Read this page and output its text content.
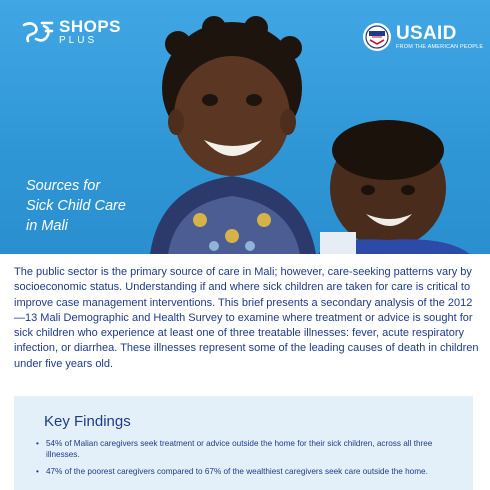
SHOPS
PLUS	USAID
FROM THE AMERICAN PEOPLE
Sources for
Sick Child Care
in Mali

The public sector is the primary source of care in Mali; however, care-seeking patterns vary by socioeconomic status. Understanding if and where sick children are taken for care is critical to improve case management interventions. This brief presents a secondary analysis of the 2012—13 Mali Demographic and Health Survey to examine where treatment or advice is sought for sick children who experience at least one of three treatable illnesses: fever, acute respiratory infection, or diarrhea. These illnesses represent some of the leading causes of death in children under five years old.

Key Findings
• 54% of Malian caregivers seek treatment or advice outside the home for their sick children, across all three illnesses.
• 47% of the poorest caregivers compared to 67% of the wealthiest caregivers seek care outside the home.
